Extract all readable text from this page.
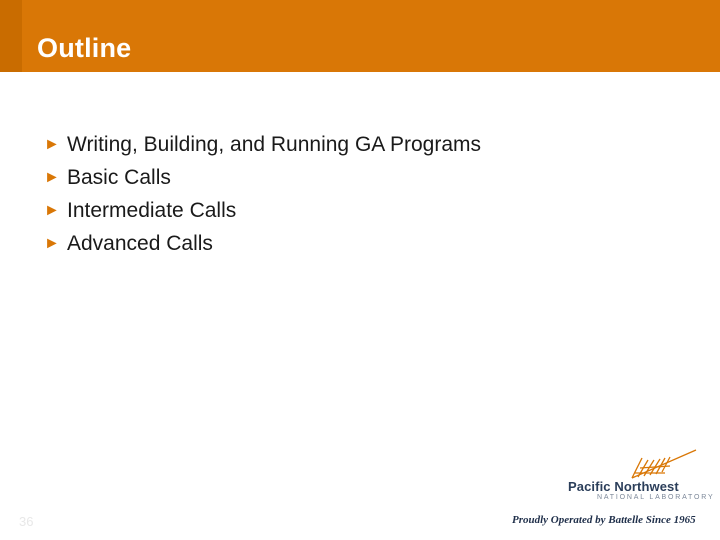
Outline
► Writing, Building, and Running GA Programs
► Basic Calls
► Intermediate Calls
► Advanced Calls
36
Pacific Northwest
NATIONAL LABORATORY
Proudly Operated by Battelle Since 1965
